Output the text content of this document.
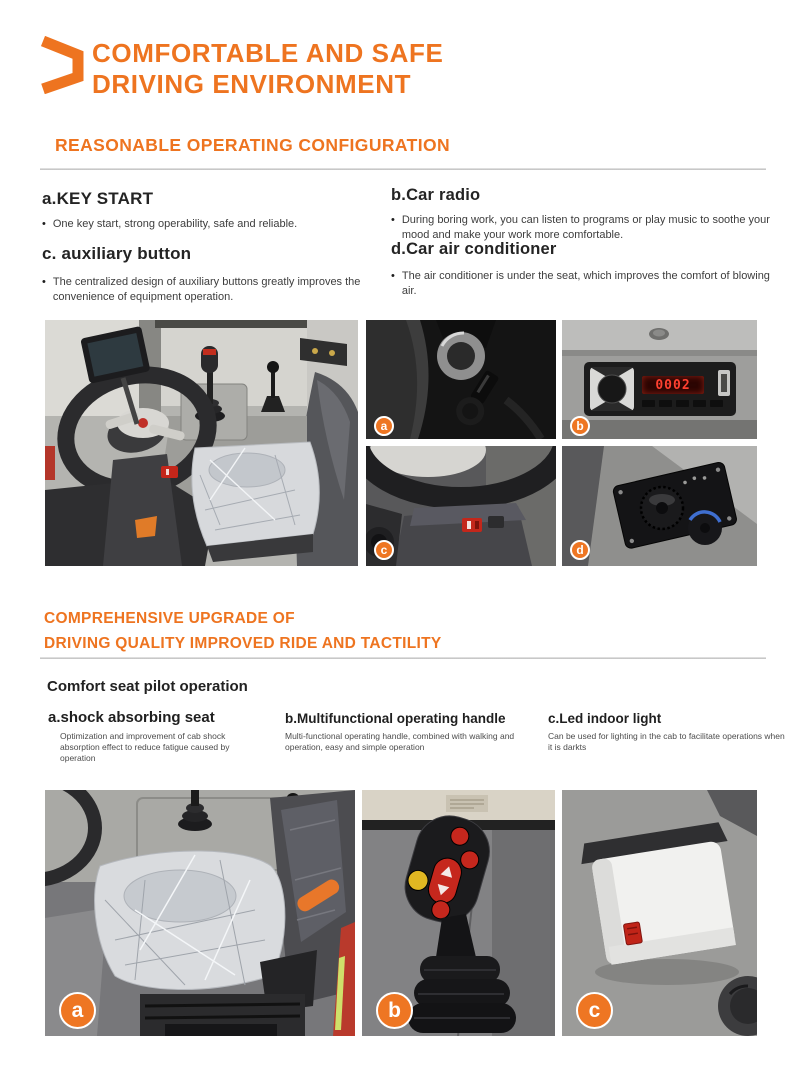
COMFORTABLE AND SAFE
DRIVING ENVIRONMENT
REASONABLE OPERATING CONFIGURATION
a.KEY START
• One key start, strong operability, safe and reliable.
b.Car radio
• During boring work, you can listen to programs or play music to soothe your mood and make your work more comfortable.
c. auxiliary button
• The centralized design of auxiliary buttons greatly improves the convenience of equipment operation.
d.Car air conditioner
• The air conditioner is under the seat, which improves the comfort of blowing air.
a
0002
b
c	d
COMPREHENSIVE UPGRADE OF
DRIVING QUALITY IMPROVED RIDE AND TACTILITY
Comfort seat pilot operation
a.shock absorbing seat
Optimization and improvement of cab shock absorption effect to reduce fatigue caused by operation
b.Multifunctional operating handle
Multi-functional operating handle, combined with walking and operation, easy and simple operation
c.Led indoor light
Can be used for lighting in the cab to facilitate operations when it is darkts
a	b	c
